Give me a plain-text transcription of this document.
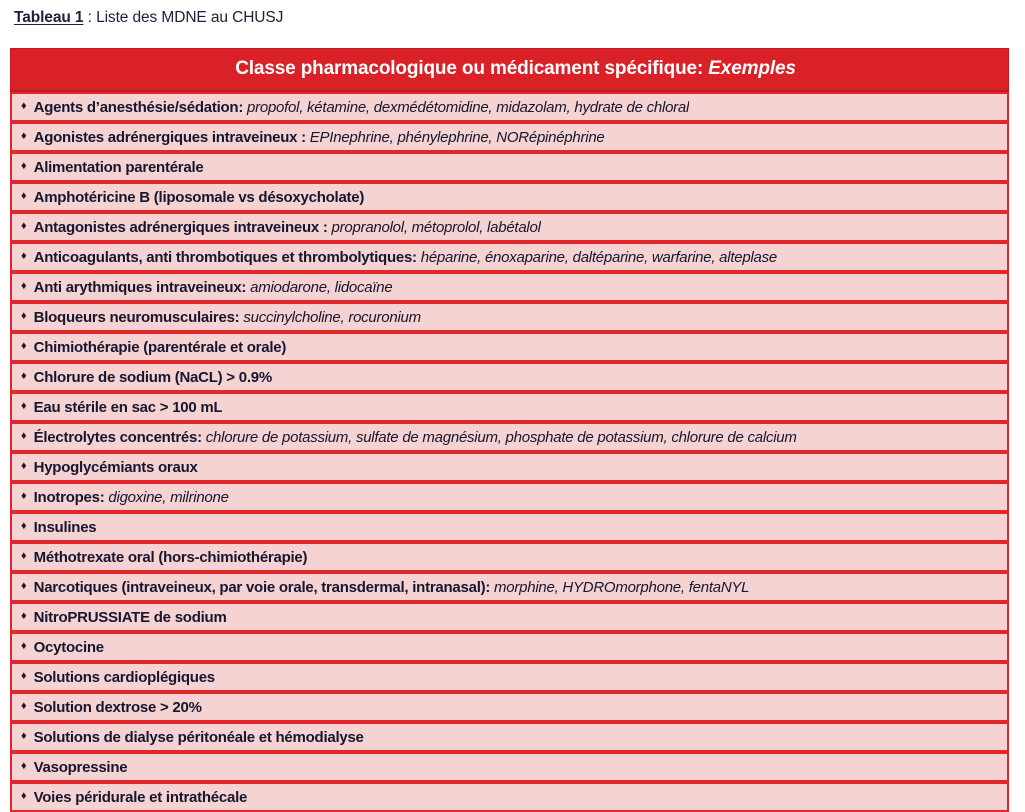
Tableau 1 : Liste des MDNE au CHUSJ
Classe pharmacologique ou médicament spécifique: Exemples

♦ Agents d’anesthésie/sédation: propofol, kétamine, dexmédétomidine, midazolam, hydrate de chloral

♦ Agonistes adrénergiques intraveineux : EPInephrine, phénylephrine, NORépinéphrine

♦ Alimentation parentérale

♦ Amphotéricine B (liposomale vs désoxycholate)

♦ Antagonistes adrénergiques intraveineux : propranolol, métoprolol, labétalol

♦ Anticoagulants, anti thrombotiques et thrombolytiques: héparine, énoxaparine, daltéparine, warfarine, alteplase

♦ Anti arythmiques intraveineux: amiodarone, lidocaïne

♦ Bloqueurs neuromusculaires: succinylcholine, rocuronium

♦ Chimiothérapie (parentérale et orale)

♦ Chlorure de sodium (NaCL) > 0.9%

♦ Eau stérile en sac > 100 mL

♦ Électrolytes concentrés: chlorure de potassium, sulfate de magnésium, phosphate de potassium, chlorure de calcium

♦ Hypoglycémiants oraux

♦ Inotropes: digoxine, milrinone

♦ Insulines

♦ Méthotrexate oral (hors-chimiothérapie)

♦ Narcotiques (intraveineux, par voie orale, transdermal, intranasal): morphine, HYDROmorphone, fentaNYL

♦ NitroPRUSSIATE de sodium

♦ Ocytocine

♦ Solutions cardioplégiques

♦ Solution dextrose > 20%

♦ Solutions de dialyse péritonéale et hémodialyse

♦ Vasopressine

♦ Voies péridurale et intrathécale
